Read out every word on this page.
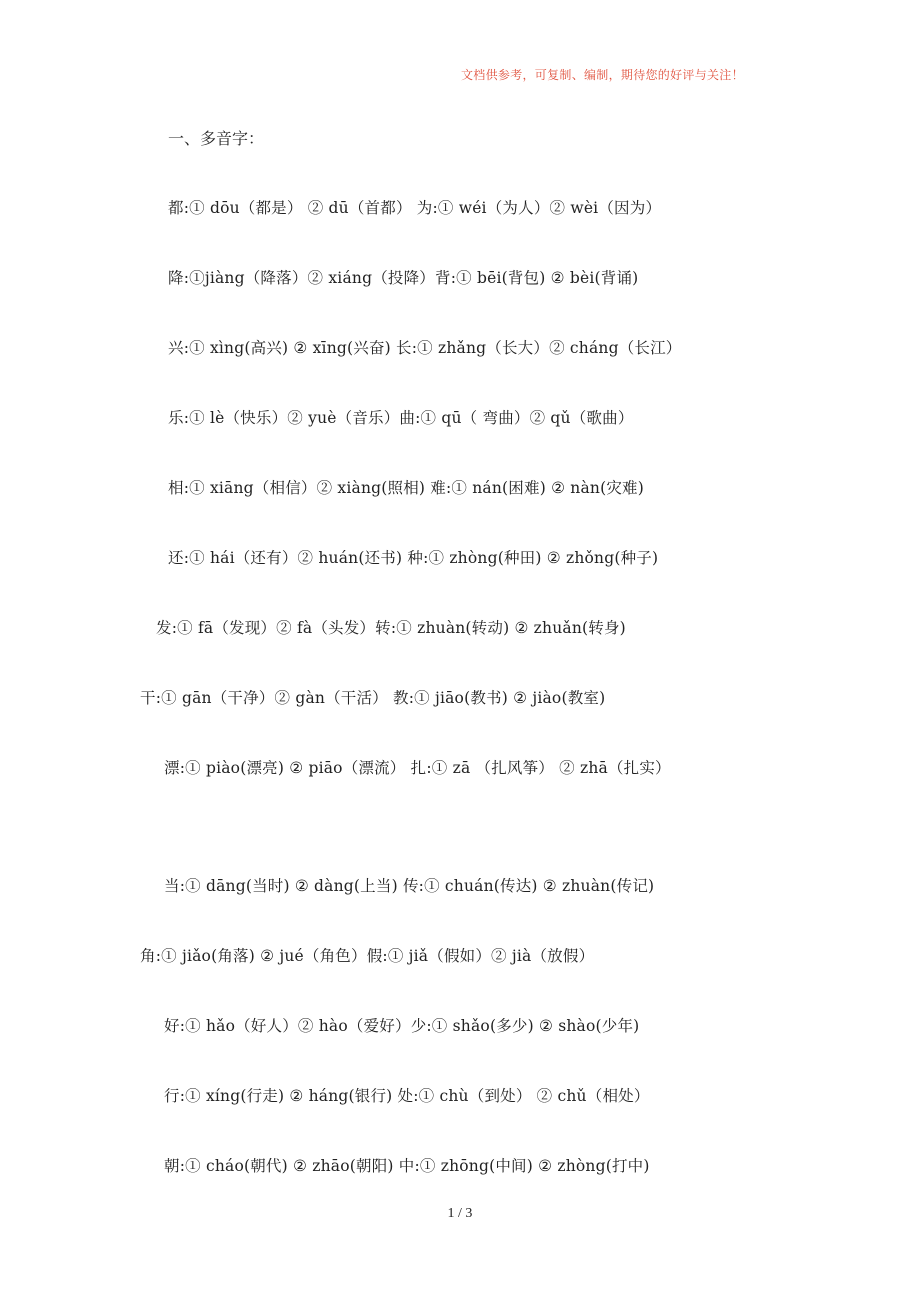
文档供参考，可复制、编制，期待您的好评与关注！
一、多音字：
都:① dōu（都是） ② dū（首都） 为:① wéi（为人）② wèi（因为）
降:①jiàng（降落）② xiáng（投降）背:① bēi(背包) ② bèi(背诵)
兴:① xìng(高兴) ② xīng(兴奋) 长:① zhǎng（长大）② cháng（长江）
乐:① lè（快乐）② yuè（音乐）曲:① qū（ 弯曲）② qǔ（歌曲）
相:① xiāng（相信）② xiàng(照相) 难:① nán(困难) ② nàn(灾难)
还:① hái（还有）② huán(还书) 种:① zhòng(种田) ② zhǒng(种子)
发:① fā（发现）② fà（头发）转:① zhuàn(转动) ② zhuǎn(转身)
干:① gān（干净）② gàn（干活） 教:① jiāo(教书) ② jiào(教室)
漂:① piào(漂亮) ② piāo（漂流） 扎:① zā （扎风筝） ② zhā（扎实）
当:① dāng(当时) ② dàng(上当) 传:① chuán(传达) ② zhuàn(传记)
角:① jiǎo(角落) ② jué（角色）假:① jiǎ（假如）② jià（放假）
好:① hǎo（好人）② hào（爱好）少:① shǎo(多少) ② shào(少年)
行:① xíng(行走) ② háng(银行) 处:① chù（到处） ② chǔ（相处）
朝:① cháo(朝代) ② zhāo(朝阳) 中:① zhōng(中间) ② zhòng(打中)
1 / 3
